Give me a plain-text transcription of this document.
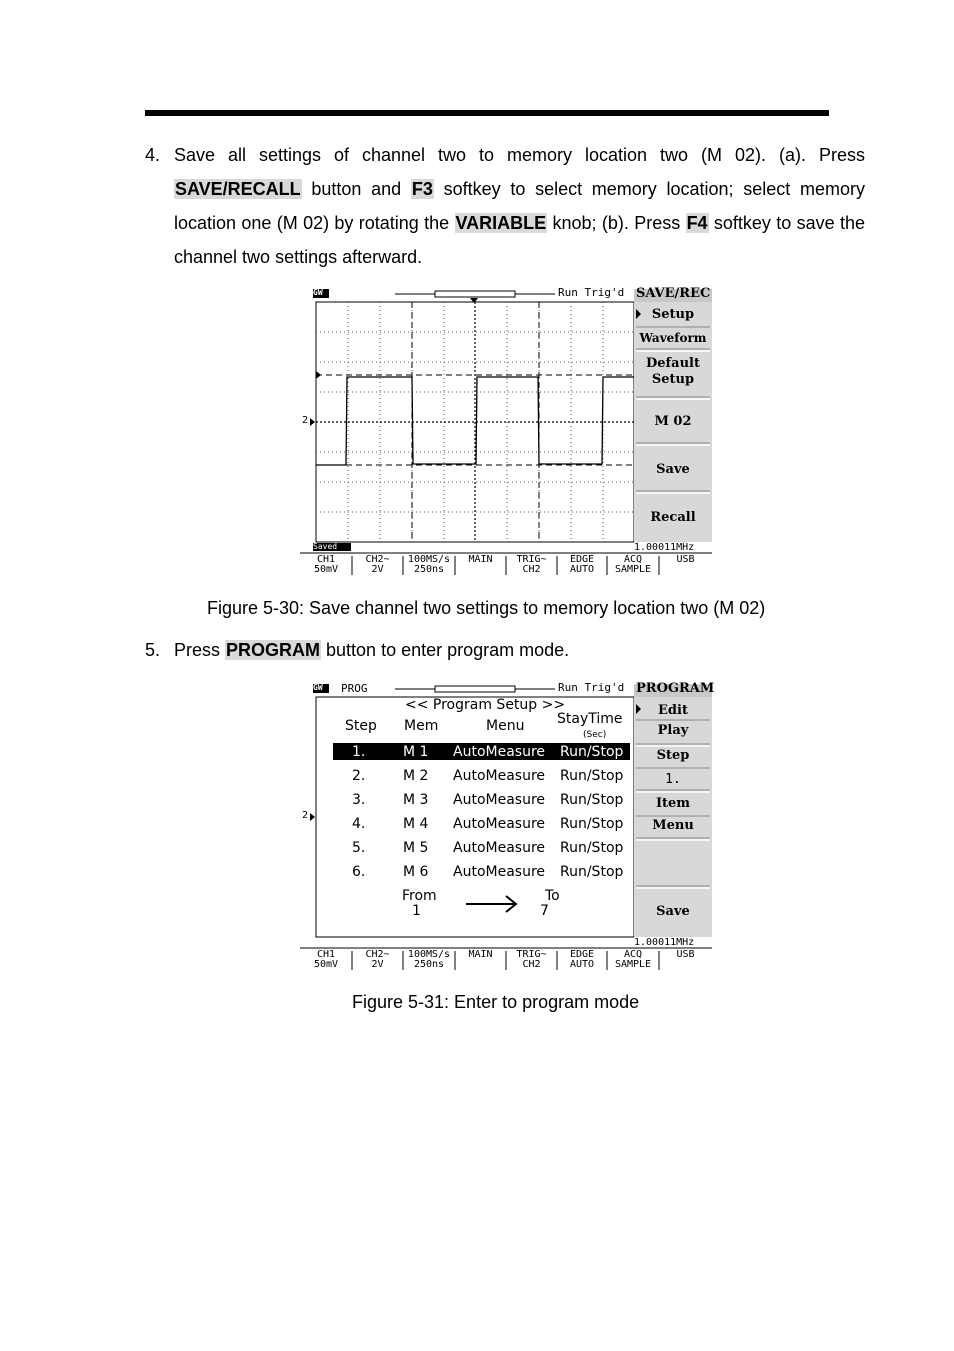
4. Save all settings of channel two to memory location two (M 02). (a). Press SAVE/RECALL button and F3 softkey to select memory location; select memory location one (M 02) by rotating the VARIABLE knob; (b). Press F4 softkey to save the channel two settings afterward.
GW	Run Trig'd SAVE/REC
2
Setup
Waveform
Default
Setup
M 02
Save
Recall
Saved	1.00011MHz
CH1
50mV
CH2~
2V
100MS/s
250ns
MAIN	TRIG~
CH2
EDGE
AUTO
ACQ
SAMPLE
USB
Figure 5-30: Save channel two settings to memory location two (M 02)
5. Press PROGRAM button to enter program mode.
GW PROG	Run Trig'd PROGRAM
2
<< Program Setup >>
Step Mem	Menu StayTime
(Sec)
1.	M 1 AutoMeasure Run/Stop
2.	M 2 AutoMeasure Run/Stop
3.	M 3 AutoMeasure Run/Stop
4.	M 4 AutoMeasure Run/Stop
5.	M 5 AutoMeasure Run/Stop
6.	M 6 AutoMeasure Run/Stop
From
1
To
7
Edit
Play
Step
1.
Item
Menu
Save
1.00011MHz
CH1
50mV
CH2~
2V
100MS/s
250ns
MAIN	TRIG~
CH2
EDGE
AUTO
ACQ
SAMPLE
USB
Figure 5-31: Enter to program mode
